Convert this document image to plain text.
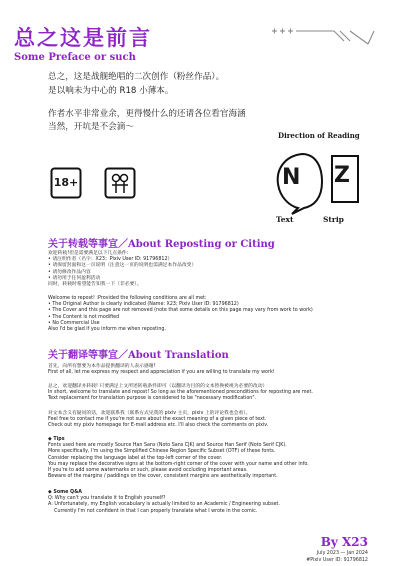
总之这是前言
Some Preface or such
总之，这是战舰绝唱的二次创作（粉丝作品）。
是以响未为中心的 R18 小薄本。
作者水平非常业余，更得慢什么的还请各位看官海涵
当然，开坑是不会滴～
18+
Direction of Reading
N Z
Text	Strip
关于转载等事宜／About Reposting or Citing
欢迎转载!但是需要满足以下几点条件：
• 请注明作者（名字：X23；Pixiv User ID: 91796812）
• 请保留封面和这一页说明（注意这一页的说明也需满足本作品改变）
• 请勿修改作品内容
• 请勿用于任何盈利活动
同时，转载时希望能告知我一下（非必要）。
Welcome to repost! :Provided the following conditions are all met:
• The Original Author is clearly indicated (Name: X23; Pixiv User ID: 91796812)
• The Cover and this page are not removed (note that some details on this page may vary from work to work)
• The Content is not modified
• No Commercial Use
Also I'd be glad if you inform me when reposting.
关于翻译等事宜／About Translation
首先，向所有想要为本作品提供翻译的人表示感谢!
First of all, let me express my respect and appreciation if you are willing to translate my work!
总之，欢迎翻译并转载! 只要满足上文所述转载条件即可（以翻译为目的的文本替换被视为必要的改动）
In short, welcome to translate and repost! So long as the aforementioned preconditions for reposting are met.
Text replacement for translation purpose is considered to be "necessary modification".
对文本含义有疑问的话，欢迎联系我（联系方式见我的 pixiv 主页，pixiv 上的评论我也会看）。
Feel free to contact me if you're not sure about the exact meaning of a given piece of text.
Check out my pixiv homepage for E-mail address etc. I'll also check the comments on pixiv.
◆ Tips
Fonts used here are mostly Source Han Sans (Noto Sans CJK) and Source Han Serif (Noto Serif CJK).
More specifically, I'm using the Simplified Chinese Region Specific Subset (OTF) of these fonts.
Consider replacing the language label at the top-left corner of the cover.
You may replace the decorative signs at the bottom-right corner of the cover with your name and other info.
If you're to add some watermarks or such, please avoid occluding important areas.
Beware of the margins / paddings on the cover, consistent margins are aesthetically important.
◆ Some Q&A
Q: Why can't you translate it to English yourself?
A: Unfortunately, my English vocabulary is actually limited to an Academic / Engineering subset.
Currently I'm not confident in that I can properly translate what I wrote in the comic.
By X23
July 2023 — Jan 2024
#Pixiv User ID: 91796812
